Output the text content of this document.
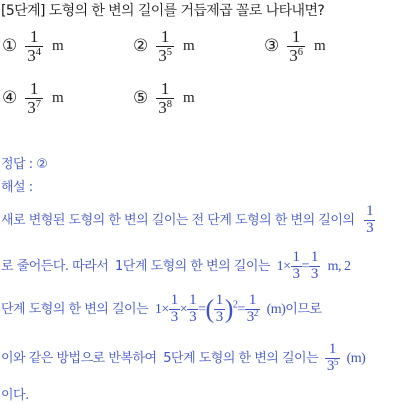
[5단계] 도형의 한 변의 길이를 거듭제곱 꼴로 나타내면?
① $\frac{1}{3^4}$ m	② $\frac{1}{3^5}$ m	③ $\frac{1}{3^6}$ m
④ $\frac{1}{3^7}$ m	⑤ $\frac{1}{3^8}$ m
정답 : ②
해설 :
새로 변형된 도형의 한 변의 길이는 전 단계 도형의 한 변의 길이의 $\frac{1}{3}$
로 줄어든다. 따라서 1단계 도형의 한 변의 길이는 $1\times \frac{1}{3} = \frac{1}{3} m$, 2
단계 도형의 한 변의 길이는 $1\times \frac{1}{3} \times \frac{1}{3}$ =( $\frac{1}{3} )^2= \frac{1}{3^2} (m)$이므로
이와 같은 방법으로 반복하여 5단계 도형의 한 변의 길이는 $\frac{1}{3^5} (m)$
이다.
